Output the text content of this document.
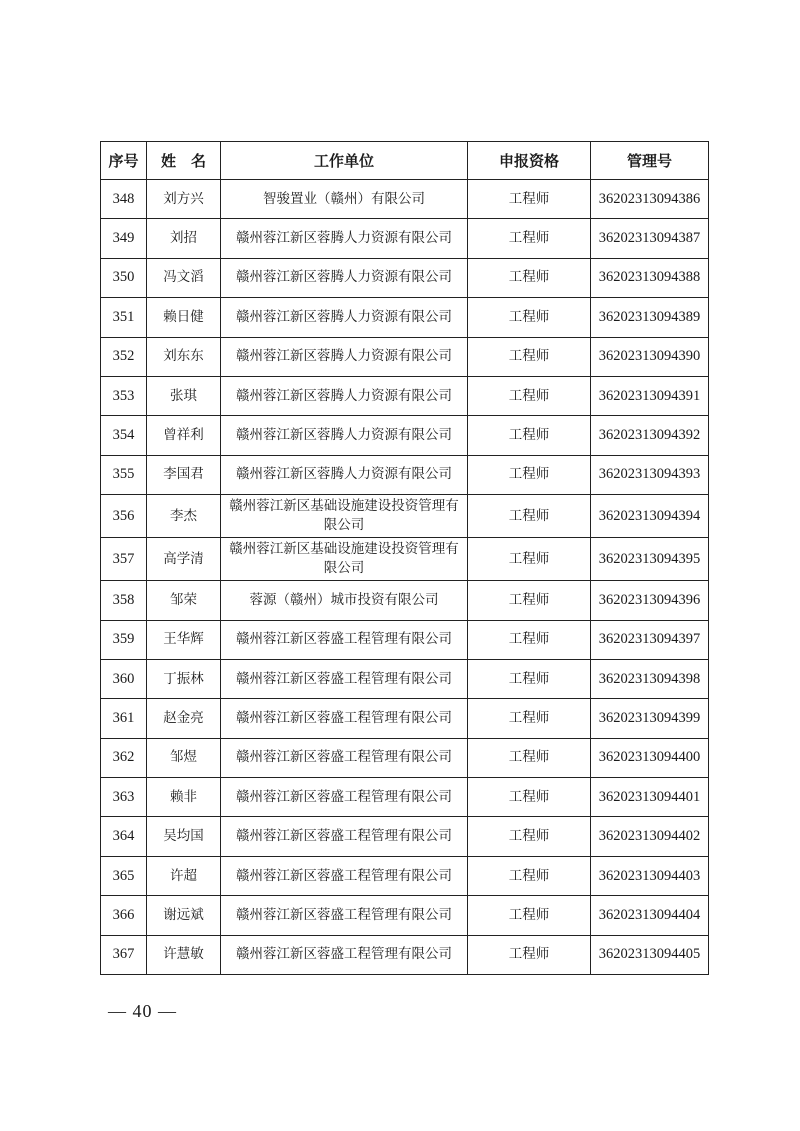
序号	姓　名	工作单位	申报资格	管理号
348	刘方兴	智骏置业（赣州）有限公司	工程师	36202313094386
349	刘招	赣州蓉江新区蓉腾人力资源有限公司	工程师	36202313094387
350	冯文滔	赣州蓉江新区蓉腾人力资源有限公司	工程师	36202313094388
351	赖日健	赣州蓉江新区蓉腾人力资源有限公司	工程师	36202313094389
352	刘东东	赣州蓉江新区蓉腾人力资源有限公司	工程师	36202313094390
353	张琪	赣州蓉江新区蓉腾人力资源有限公司	工程师	36202313094391
354	曾祥利	赣州蓉江新区蓉腾人力资源有限公司	工程师	36202313094392
355	李国君	赣州蓉江新区蓉腾人力资源有限公司	工程师	36202313094393
356	李杰	赣州蓉江新区基础设施建设投资管理有限公司	工程师	36202313094394
357	高学清	赣州蓉江新区基础设施建设投资管理有限公司	工程师	36202313094395
358	邹荣	蓉源（赣州）城市投资有限公司	工程师	36202313094396
359	王华辉	赣州蓉江新区蓉盛工程管理有限公司	工程师	36202313094397
360	丁振林	赣州蓉江新区蓉盛工程管理有限公司	工程师	36202313094398
361	赵金亮	赣州蓉江新区蓉盛工程管理有限公司	工程师	36202313094399
362	邹煜	赣州蓉江新区蓉盛工程管理有限公司	工程师	36202313094400
363	赖非	赣州蓉江新区蓉盛工程管理有限公司	工程师	36202313094401
364	吴均国	赣州蓉江新区蓉盛工程管理有限公司	工程师	36202313094402
365	许超	赣州蓉江新区蓉盛工程管理有限公司	工程师	36202313094403
366	谢远斌	赣州蓉江新区蓉盛工程管理有限公司	工程师	36202313094404
367	许慧敏	赣州蓉江新区蓉盛工程管理有限公司	工程师	36202313094405
— 40 —
